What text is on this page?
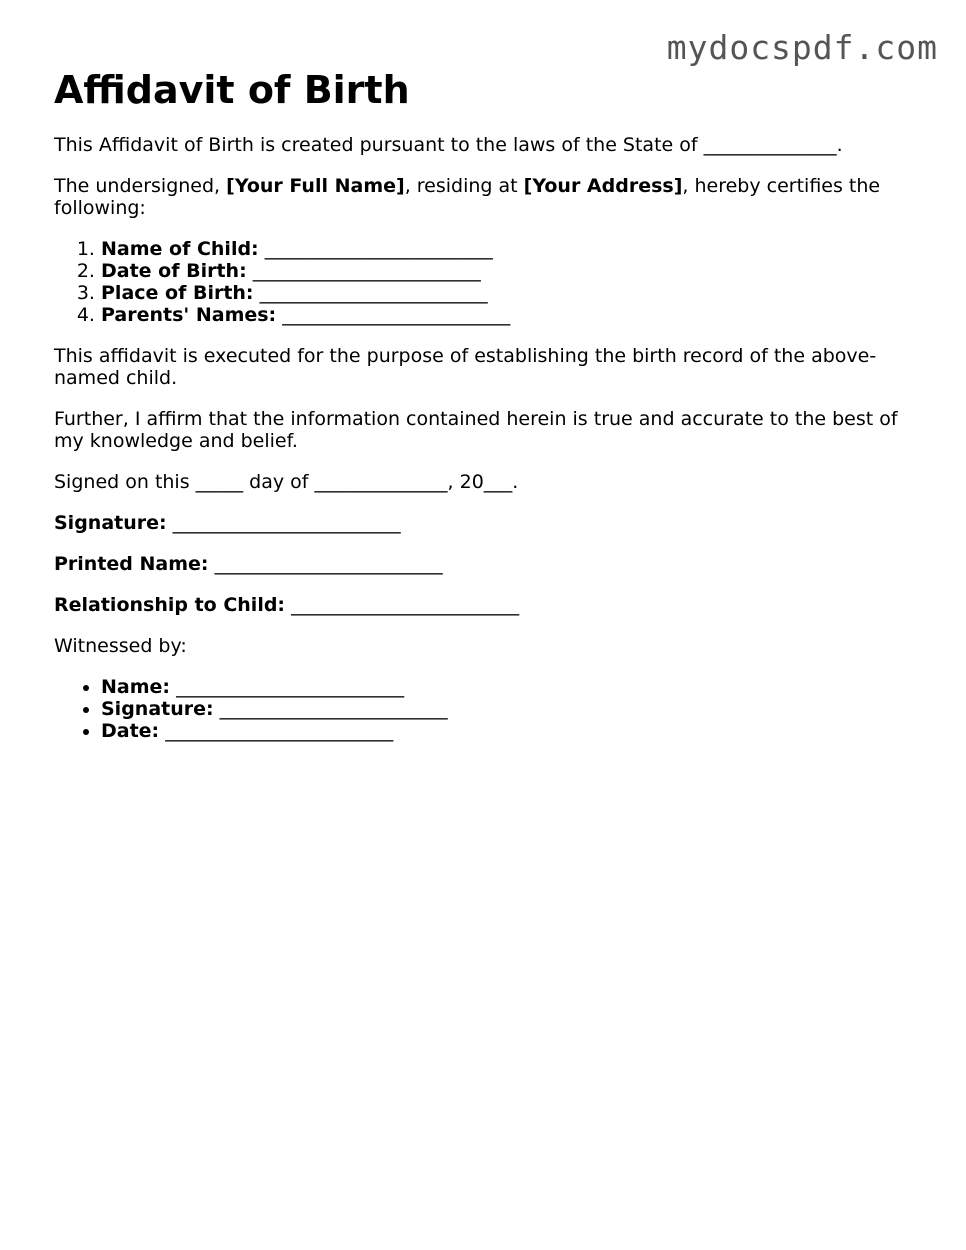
mydocspdf.com
Affidavit of Birth

This Affidavit of Birth is created pursuant to the laws of the State of ______________.

The undersigned, [Your Full Name], residing at [Your Address], hereby certifies the following:

1. Name of Child: ________________________
2. Date of Birth: ________________________
3. Place of Birth: ________________________
4. Parents' Names: ________________________

This affidavit is executed for the purpose of establishing the birth record of the above-named child.

Further, I affirm that the information contained herein is true and accurate to the best of my knowledge and belief.

Signed on this _____ day of ______________, 20___.

Signature: ________________________

Printed Name: ________________________

Relationship to Child: ________________________

Witnessed by:

• Name: ________________________
• Signature: ________________________
• Date: ________________________
